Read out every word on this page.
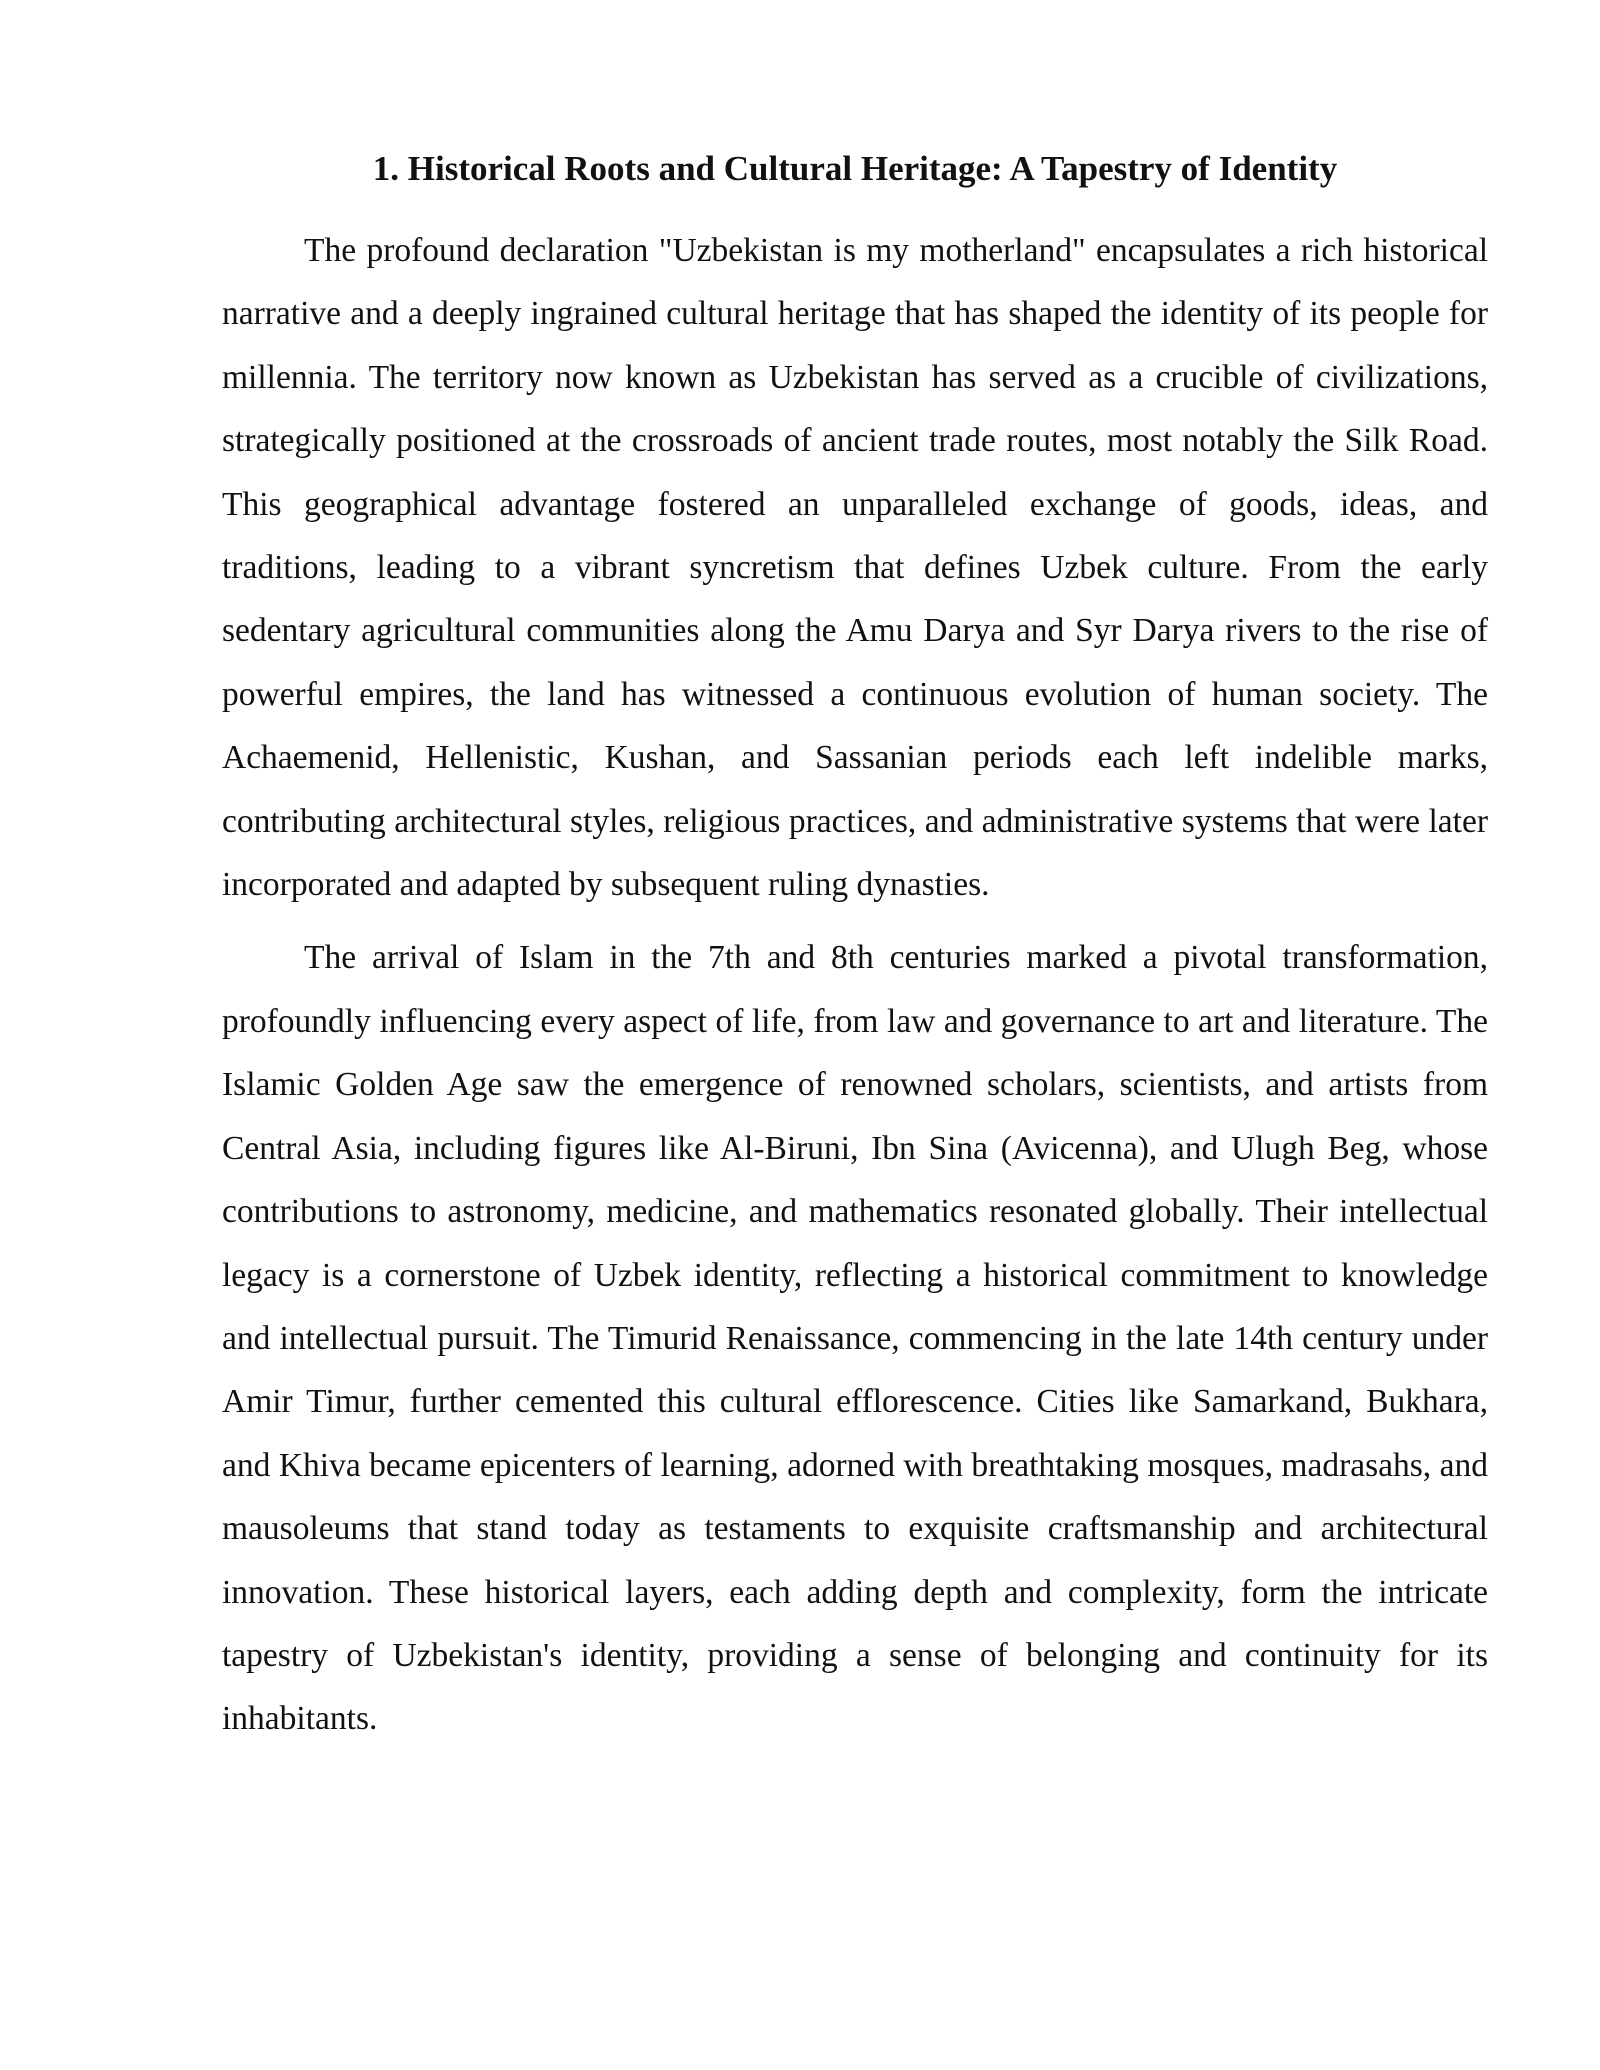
1. Historical Roots and Cultural Heritage: A Tapestry of Identity

The profound declaration "Uzbekistan is my motherland" encapsulates a rich historical narrative and a deeply ingrained cultural heritage that has shaped the identity of its people for millennia. The territory now known as Uzbekistan has served as a crucible of civilizations, strategically positioned at the crossroads of ancient trade routes, most notably the Silk Road. This geographical advantage fostered an unparalleled exchange of goods, ideas, and traditions, leading to a vibrant syncretism that defines Uzbek culture. From the early sedentary agricultural communities along the Amu Darya and Syr Darya rivers to the rise of powerful empires, the land has witnessed a continuous evolution of human society. The Achaemenid, Hellenistic, Kushan, and Sassanian periods each left indelible marks, contributing architectural styles, religious practices, and administrative systems that were later incorporated and adapted by subsequent ruling dynasties.

The arrival of Islam in the 7th and 8th centuries marked a pivotal transformation, profoundly influencing every aspect of life, from law and governance to art and literature. The Islamic Golden Age saw the emergence of renowned scholars, scientists, and artists from Central Asia, including figures like Al-Biruni, Ibn Sina (Avicenna), and Ulugh Beg, whose contributions to astronomy, medicine, and mathematics resonated globally. Their intellectual legacy is a cornerstone of Uzbek identity, reflecting a historical commitment to knowledge and intellectual pursuit. The Timurid Renaissance, commencing in the late 14th century under Amir Timur, further cemented this cultural efflorescence. Cities like Samarkand, Bukhara, and Khiva became epicenters of learning, adorned with breathtaking mosques, madrasahs, and mausoleums that stand today as testaments to exquisite craftsmanship and architectural innovation. These historical layers, each adding depth and complexity, form the intricate tapestry of Uzbekistan's identity, providing a sense of belonging and continuity for its inhabitants.
